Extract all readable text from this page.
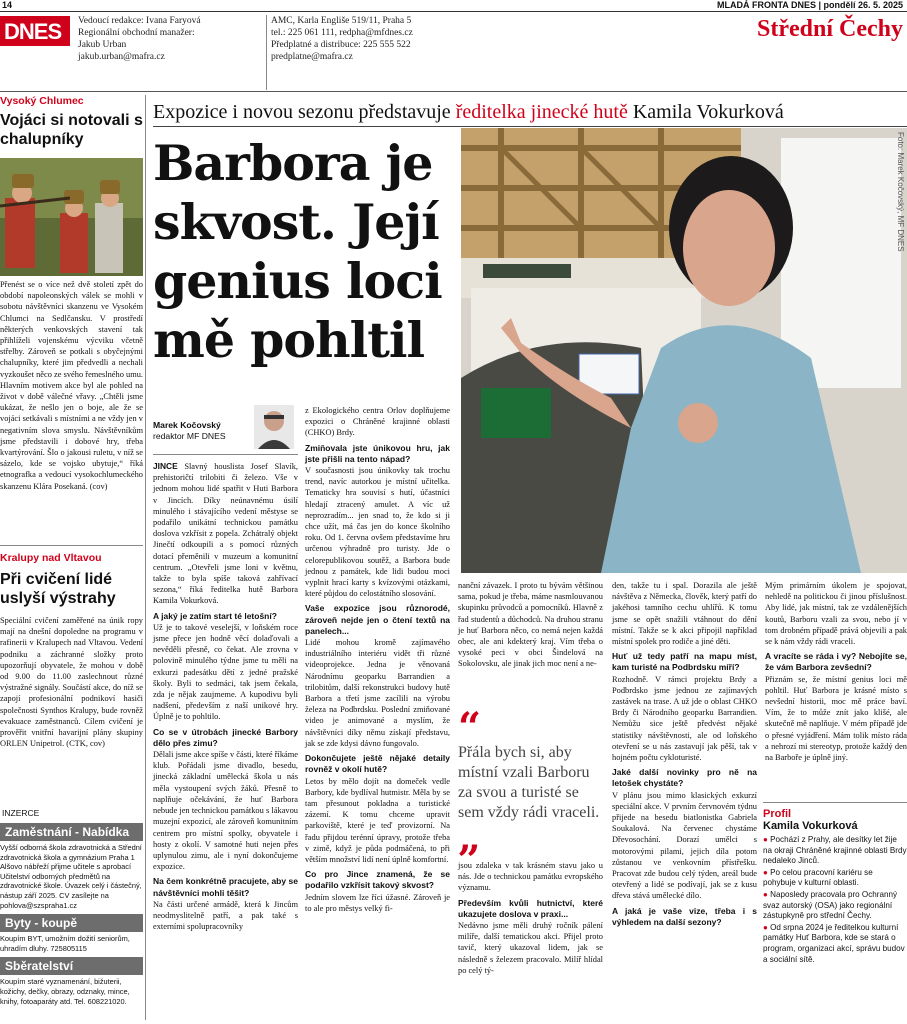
14	MLADÁ FRONTA DNES | pondělí 26. 5. 2025
DNES	Vedoucí redakce: Ivana Faryová
Regionální obchodní manažer:
Jakub Urban
jakub.urban@mafra.cz
AMC, Karla Engliše 519/11, Praha 5
tel.: 225 061 111, redpha@mfdnes.cz
Předplatné a distribuce: 225 555 522
predplatne@mafra.cz
Střední Čechy
Vysoký Chlumec
Vojáci si notovali s chalupníky
Přenést se o více než dvě století zpět do období napoleonských válek se mohli v sobotu návštěvníci skanzenu ve Vysokém Chlumci na Sedlčansku. V prostředí některých venkovských stavení tak přihlíželi vojenskému výcviku včetně střelby. Zároveň se potkali s obyčejnými chalupníky, které jim předvedli a nechali vyzkoušet něco ze svého řemeslného umu. Hlavním motivem akce byl ale pohled na život v době válečné vřavy. „Chtěli jsme ukázat, že nešlo jen o boje, ale že se vojáci setkávali s místními a ne vždy jen v negativním slova smyslu. Návštěvníkům jsme představili i dobové hry, třeba kvartýrování. Šlo o jakousi ruletu, v níž se sázelo, kde se vojsko ubytuje,“ říká etnografka a vedoucí vysokochlumeckého skanzenu Klára Posekaná. (cov)
Kralupy nad Vltavou
Při cvičení lidé uslyší výstrahy
Speciální cvičení zaměřené na únik ropy mají na dnešní dopoledne na programu v rafinerii v Kralupech nad Vltavou. Vedení podniku a záchranné složky proto upozorňují obyvatele, že mohou v době od 9.00 do 11.00 zaslechnout různé výstražné signály. Součástí akce, do níž se zapojí profesionální podnikoví hasiči společnosti Synthos Kralupy, bude rovněž evakuace zaměstnanců. Cílem cvičení je prověřit vnitřní havarijní plány skupiny ORLEN Unipetrol. (CTK, cov)
INZERCE
Zaměstnání - Nabídka
Vyšší odborná škola zdravotnická a Střední zdravotnická škola a gymnázium Praha 1 Alšovo nábřeží přijme učitele s aprobací Učitelství odborných předmětů na zdravotnické škole. Úvazek celý i částečný, nástup září 2025. CV zasílejte na pohlova@szspraha1.cz
Byty - koupě
Koupím BYT, umožním dožití seniorům, uhradím dluhy. 725805115
Sběratelství
Koupím staré vyznamenání, bižuterii, kožichy, dečky, obrazy, odznaky, mince, knihy, fotoaparáty atd. Tel. 608221020.
Expozice i novou sezonu představuje ředitelka jinecké hutě Kamila Vokurková
Barbora je skvost. Její genius loci mě pohltil
Foto: Marek Kočovský, MF DNES
Marek Kočovský
redaktor MF DNES
JINCE Slavný houslista Josef Slavík, prehistoričtí trilobiti či železo. Vše v jednom mohou lidé spatřit v Huti Barbora v Jincích. Díky neúnavnému úsilí minulého i stávajícího vedení městyse se podařilo unikátní technickou památku doslova vzkřísit z popela. Zchátralý objekt Jinečtí odkoupili a s pomocí různých dotací přeměnili v muzeum a komunitní centrum. „Otevřeli jsme loni v květnu, takže to byla spíše taková zahřívací sezona,“ říká ředitelka hutě Barbora Kamila Vokurková.
A jaký je zatím start té letošní?
Už je to takové veselejší, v loňském roce jsme přece jen hodně věcí dolaďovali a nevěděli přesně, co čekat. Ale zrovna v polovině minulého týdne jsme tu měli na exkurzi padesátku dětí z jedné pražské školy. Byli to sedmáci, tak jsem čekala, zda je nějak zaujmeme. A kupodivu byli nadšení, především z naší unikové hry. Úplně je to pohltilo.
Co se v útrobách jinecké Barbory dělo přes zimu?
Dělali jsme akce spíše v části, které říkáme klub. Pořádali jsme divadlo, besedu, jinecká základní umělecká škola u nás měla vystoupení svých žáků. Přesně to naplňuje očekávání, že huť Barbora nebude jen technickou památkou s lákavou muzejní expozicí, ale zároveň komunitním centrem pro místní spolky, obyvatele i hosty z okolí. V samotné huti nejen přes uplynulou zimu, ale i nyní dokončujeme expozice.
Na čem konkrétně pracujete, aby se návštěvníci mohli těšit?
Na části určené armádě, která k Jincům neodmyslitelně patří, a pak také s externími spolupracovníky
z Ekologického centra Orlov doplňujeme expozici o Chráněné krajinné oblasti (CHKO) Brdy.
Zmiňovala jste únikovou hru, jak jste přišli na tento nápad?
V současnosti jsou únikovky tak trochu trend, navíc autorkou je místní učitelka. Tematicky hra souvisí s hutí, účastníci hledají ztracený amulet. A víc už neprozradím... jen snad to, že kdo si ji chce užít, má čas jen do konce školního roku. Od 1. června ovšem představíme hru určenou výhradně pro turisty. Jde o celorepublikovou soutěž, a Barbora bude jednou z památek, kde lidi budou moci vyplnit hrací karty s kvízovými otázkami, které půjdou do celostátního slosování.
Vaše expozice jsou různorodé, zároveň nejde jen o čtení textů na panelech...
Lidé mohou kromě zajímavého industriálního interiéru vidět tři různé videoprojekce. Jedna je věnovaná Národnímu geoparku Barrandien a trilobitům, další rekonstrukci budovy hutě Barbora a třetí jsme zacílili na výrobu železa na Podbrdsku. Poslední zmiňované video je animované a myslím, že návštěvníci díky němu získají představu, jak se zde kdysi dávno fungovalo.
Dokončujete ještě nějaké detaily rovněž v okolí hutě?
Letos by mělo dojít na domeček vedle Barbory, kde bydlíval hutmistr. Měla by se tam přesunout pokladna a turistické zázemí. K tomu chceme upravit parkoviště, které je teď provizorní. Na řadu přijdou terénní úpravy, protože třeba v zimě, když je půda podmáčená, to při větším množství lidí není úplně komfortní.
Co pro Jince znamená, že se podařilo vzkřísit takový skvost?
Jedním slovem lze říci úžasné. Zároveň je to ale pro městys velký fi-
nanční závazek. I proto tu bývám většinou sama, pokud je třeba, máme nasmlouvanou skupinku průvodců a pomocníků. Hlavně z řad studentů a důchodců. Na druhou stranu je huť Barbora něco, co nemá nejen každá obec, ale ani kdekterý kraj. Vím třeba o vysoké peci v obci Šindelová na Sokolovsku, ale jinak jich moc není a ne-
“
Přála bych si, aby místní vzali Barboru za svou a turisté se sem vždy rádi vraceli.
„
jsou zdaleka v tak krásném stavu jako u nás. Jde o technickou památku evropského významu.
Především kvůli hutnictví, které ukazujete doslova v praxi...
Nedávno jsme měli druhý ročník pálení milíře, další tematickou akci. Přijel proto tavič, který ukazoval lidem, jak se následně s železem pracovalo. Milíř hlídal po celý tý-
den, takže tu i spal. Dorazila ale ještě návštěva z Německa, člověk, který patří do jakéhosi tamního cechu uhlířů. K tomu jsme se opět snažili vtáhnout do dění místní. Takže se k akci připojil například místní spolek pro rodiče a jiné děti.
Huť už tedy patří na mapu míst, kam turisté na Podbrdsku míří?
Rozhodně. V rámci projektu Brdy a Podbrdsko jsme jednou ze zajímavých zastávek na trase. A už jde o oblast CHKO Brdy či Národního geoparku Barrandien. Nemůžu sice ještě předvést nějaké statistiky návštěvnosti, ale od loňského otevření se u nás zastavují jak pěší, tak v hojném počtu cykloturisté.
Jaké další novinky pro ně na letošek chystáte?
V plánu jsou mimo klasických exkurzí speciální akce. V prvním červnovém týdnu přijede na besedu biatlonistka Gabriela Soukalová. Na červenec chystáme Dřevosochání. Dorazí umělci s motorovými pilami, jejich díla potom zůstanou ve venkovním přístřešku. Pracovat zde budou celý týden, areál bude otevřený a lidé se podívají, jak se z kusu dřeva stává umělecké dílo.
A jaká je vaše vize, třeba i s výhledem na další sezony?
Mým primárním úkolem je spojovat, nehledě na politickou či jinou příslušnost. Aby lidé, jak místní, tak ze vzdálenějších koutů, Barboru vzali za svou, nebo jí v tom drobném případě prává objevili a pak se k nám vždy rádi vraceli.
A vracíte se ráda i vy? Nebojíte se, že vám Barbora zevšední?
Přiznám se, že místní genius loci mě pohltil. Huť Barbora je krásné místo s nevšední historii, moc mě práce baví. Vím, že to může znít jako klišé, ale skutečně mě naplňuje. V mém případě jde o přesné vyjádření. Mám tolik místo ráda a nehrozí mi stereotyp, protože každý den na Barboře je úplně jiný.
Profil
Kamila Vokurková
● Pochází z Prahy, ale desítky let žije na okraji Chráněné krajinné oblasti Brdy nedaleko Jinců.
● Po celou pracovní kariéru se pohybuje v kulturní oblasti.
● Naposledy pracovala pro Ochranný svaz autorský (OSA) jako regionální zástupkyně pro střední Čechy.
● Od srpna 2024 je ředitelkou kulturní památky Huť Barbora, kde se stará o program, organizaci akcí, správu budov a sociální sítě.
